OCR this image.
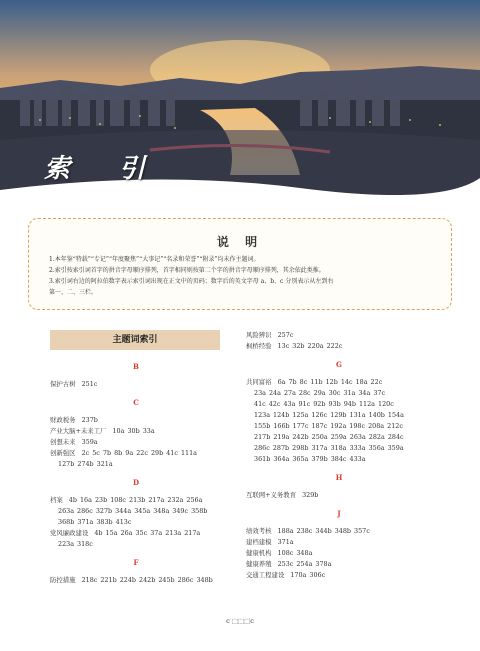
索 引
说 明
1.本年鉴“特载”“专记”“年度聚焦”“大事记”“名录和荣誉”“附录”均未作主题词。
2.索引按索引词首字的拼音字母顺序排列，首字相同则按第二个字的拼音字母顺序排列，其余依此类推。
3.索引词右边的阿拉伯数字表示索引词出现在正文中的页码；数字后的英文字母 a、b、c 分别表示从左到右
第一、二、三栏。
主题词索引
B
保护古树 251c
C
财政税务 237b
产业大脑+未来工厂 10a 30b 33a
创想未来 359a
创新强区 2c 5c 7b 8b 9a 22c 29b 41c 111a
127b 274b 321a
D
档案 4b 16a 23b 108c 213b 217a 232a 256a
263a 286c 327b 344a 345a 348a 349c 358b
368b 371a 383b 413c
党风廉政建设 4b 15a 26a 35c 37a 213a 217a
223a 318c
F
防控措施 218c 221b 224b 242b 245b 286c 348b
风险辨识 257c
枫桥经验 13c 32b 220a 222c
G
共同富裕 6a 7b 8c 11b 12b 14c 18a 22c
23a 24a 27a 28c 29a 30c 31a 34a 37c
41c 42c 43a 91c 92b 93b 94b 112a 120c
123a 124b 125a 126c 129b 131a 140b 154a
155b 166b 177c 187c 192a 198c 208a 212c
217b 219a 242b 250a 259a 263a 282a 284c
286c 287b 298b 317a 318a 333a 356a 359a
361b 364a 365a 379b 384c 433a
H
互联网+义务教育 329b
J
绩效考核 188a 238c 344b 348b 357c
建档建模 371a
健康机构 108c 348a
健康养殖 253c 254a 378a
交通工程建设 170a 306c
c ⬚⬚⬚c
